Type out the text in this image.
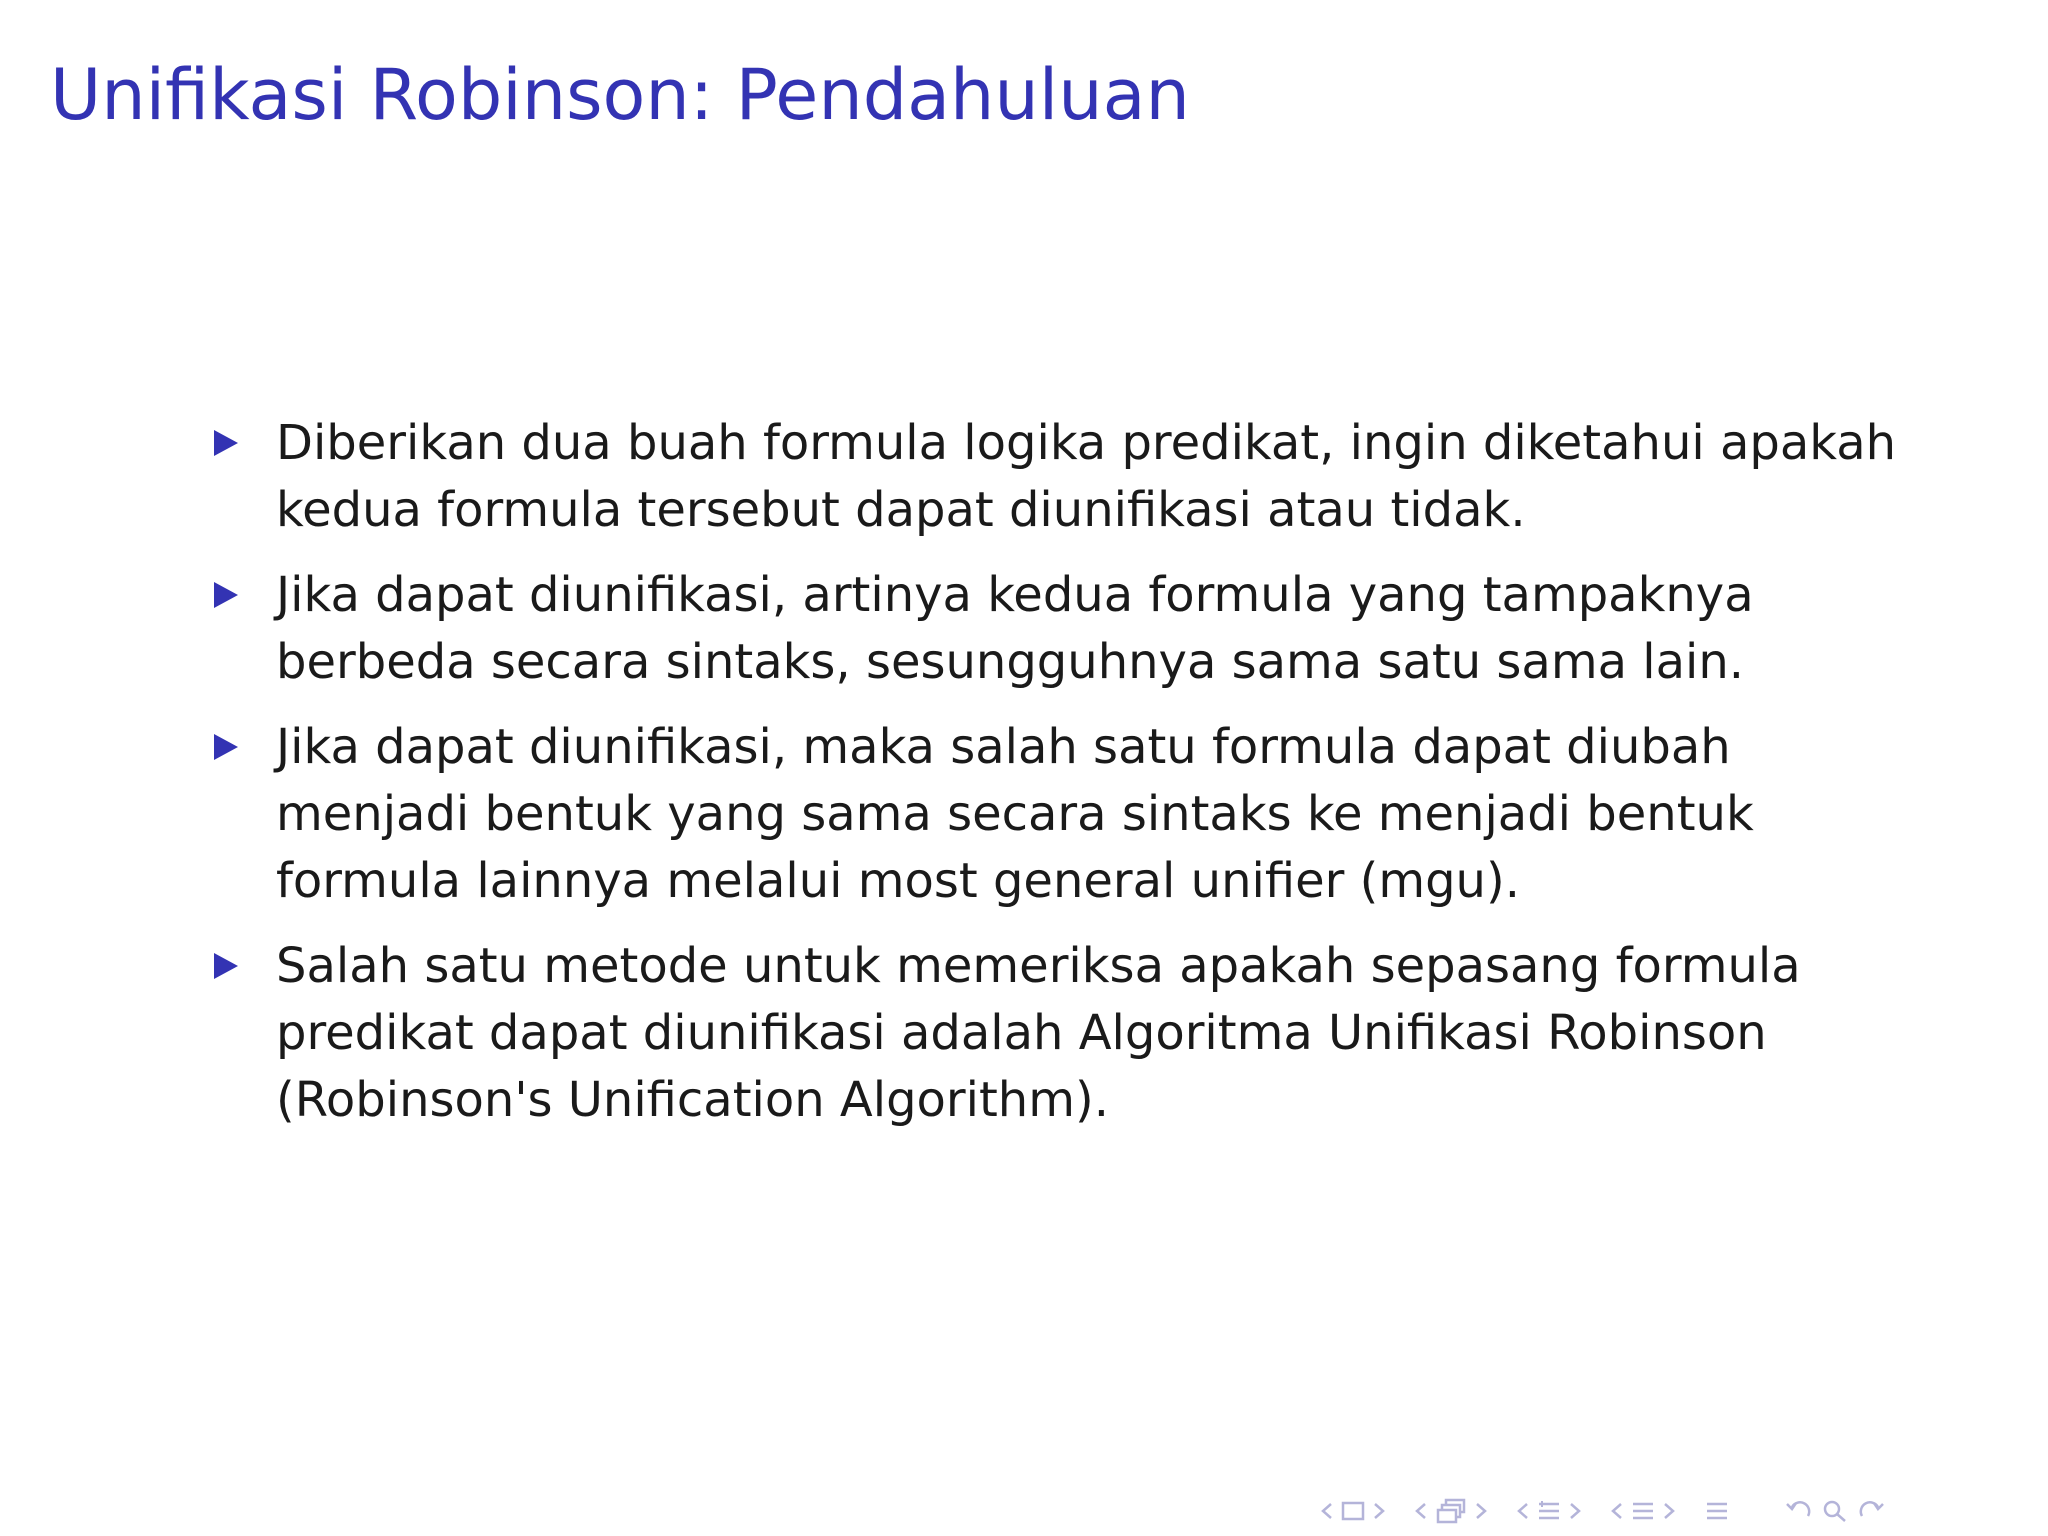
Unifikasi Robinson: Pendahuluan
Diberikan dua buah formula logika predikat, ingin diketahui apakah kedua formula tersebut dapat diunifikasi atau tidak.
Jika dapat diunifikasi, artinya kedua formula yang tampaknya berbeda secara sintaks, sesungguhnya sama satu sama lain.
Jika dapat diunifikasi, maka salah satu formula dapat diubah menjadi bentuk yang sama secara sintaks ke menjadi bentuk formula lainnya melalui most general unifier (mgu).
Salah satu metode untuk memeriksa apakah sepasang formula predikat dapat diunifikasi adalah Algoritma Unifikasi Robinson (Robinson's Unification Algorithm).
